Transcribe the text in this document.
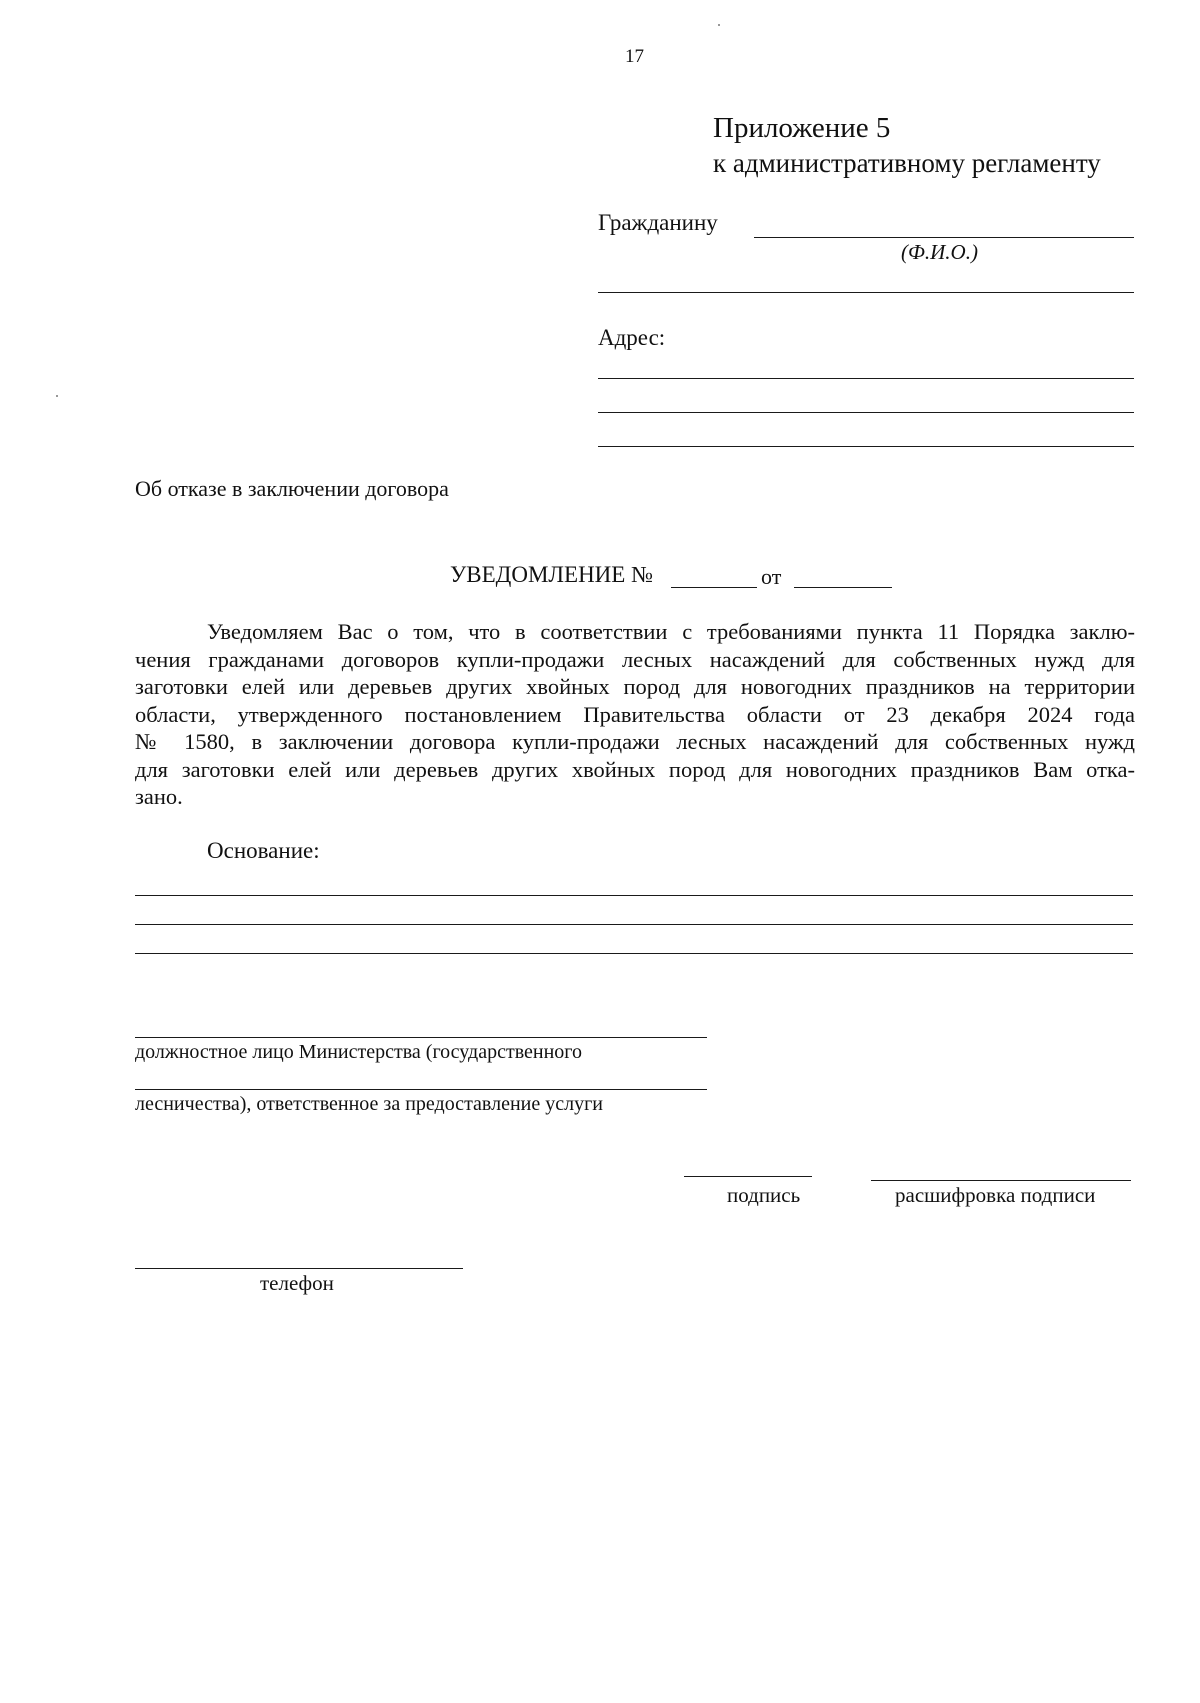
17
Приложение 5
к административному регламенту
Гражданину
(Ф.И.О.)
Адрес:
Об отказе в заключении договора
УВЕДОМЛЕНИЕ №	от
Уведомляем Вас о том, что в соответствии с требованиями пункта 11 Порядка заклю-
чения гражданами договоров купли-продажи лесных насаждений для собственных нужд для
заготовки елей или деревьев других хвойных пород для новогодних праздников на территории
области, утвержденного постановлением Правительства области от 23 декабря 2024 года
№ 1580, в заключении договора купли-продажи лесных насаждений для собственных нужд
для заготовки елей или деревьев других хвойных пород для новогодних праздников Вам отка-
зано.
Основание:
должностное лицо Министерства (государственного
лесничества), ответственное за предоставление услуги
подпись	расшифровка подписи
телефон
